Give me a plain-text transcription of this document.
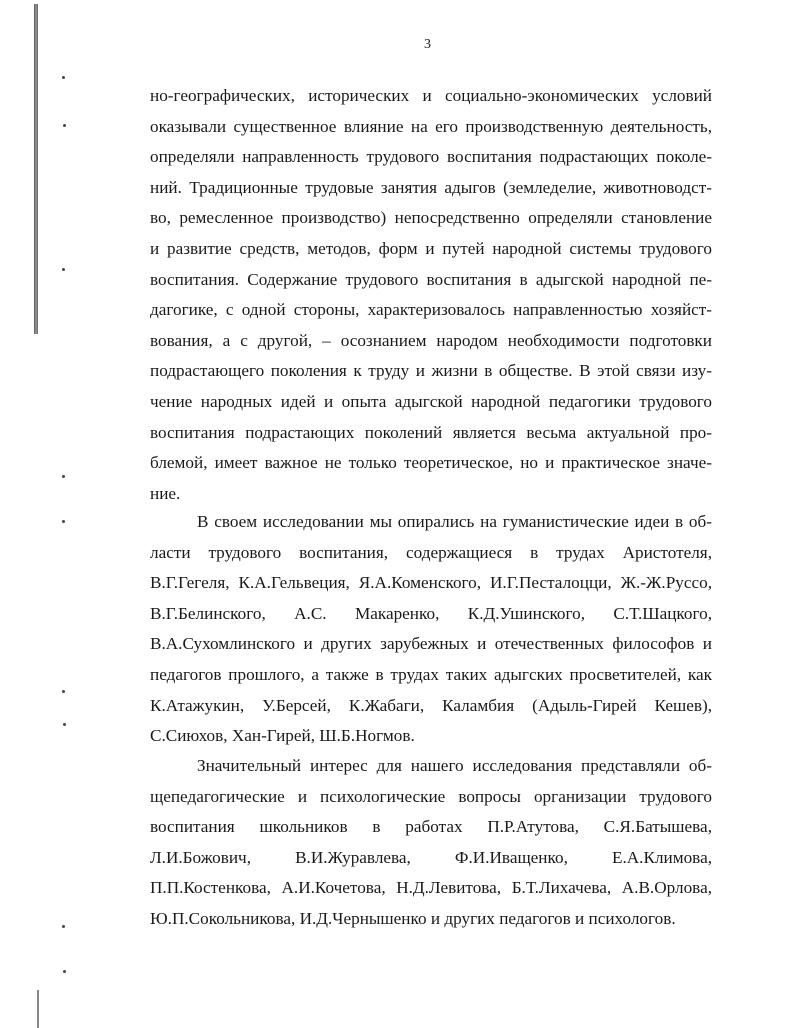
3
но-географических, исторических и социально-экономических условий
оказывали существенное влияние на его производственную деятельность,
определяли направленность трудового воспитания подрастающих поколе-
ний. Традиционные трудовые занятия адыгов (земледелие, животноводст-
во, ремесленное производство) непосредственно определяли становление
и развитие средств, методов, форм и путей народной системы трудового
воспитания. Содержание трудового воспитания в адыгской народной пе-
дагогике, с одной стороны, характеризовалось направленностью хозяйст-
вования, а с другой, – осознанием народом необходимости подготовки
подрастающего поколения к труду и жизни в обществе. В этой связи изу-
чение народных идей и опыта адыгской народной педагогики трудового
воспитания подрастающих поколений является весьма актуальной про-
блемой, имеет важное не только теоретическое, но и практическое значе-
ние.
В своем исследовании мы опирались на гуманистические идеи в об-
ласти трудового воспитания, содержащиеся в трудах Аристотеля,
В.Г.Гегеля, К.А.Гельвеция, Я.А.Коменского, И.Г.Песталоцци, Ж.-Ж.Руссо,
В.Г.Белинского, А.С. Макаренко, К.Д.Ушинского, С.Т.Шацкого,
В.А.Сухомлинского и других зарубежных и отечественных философов и
педагогов прошлого, а также в трудах таких адыгских просветителей, как
К.Атажукин, У.Берсей, К.Жабаги, Каламбия (Адыль-Гирей Кешев),
С.Сиюхов, Хан-Гирей, Ш.Б.Ногмов.
Значительный интерес для нашего исследования представляли об-
щепедагогические и психологические вопросы организации трудового
воспитания школьников в работах П.Р.Атутова, С.Я.Батышева,
Л.И.Божович, В.И.Журавлева, Ф.И.Иващенко, Е.А.Климова,
П.П.Костенкова, А.И.Кочетова, Н.Д.Левитова, Б.Т.Лихачева, А.В.Орлова,
Ю.П.Сокольникова, И.Д.Чернышенко и других педагогов и психологов.
